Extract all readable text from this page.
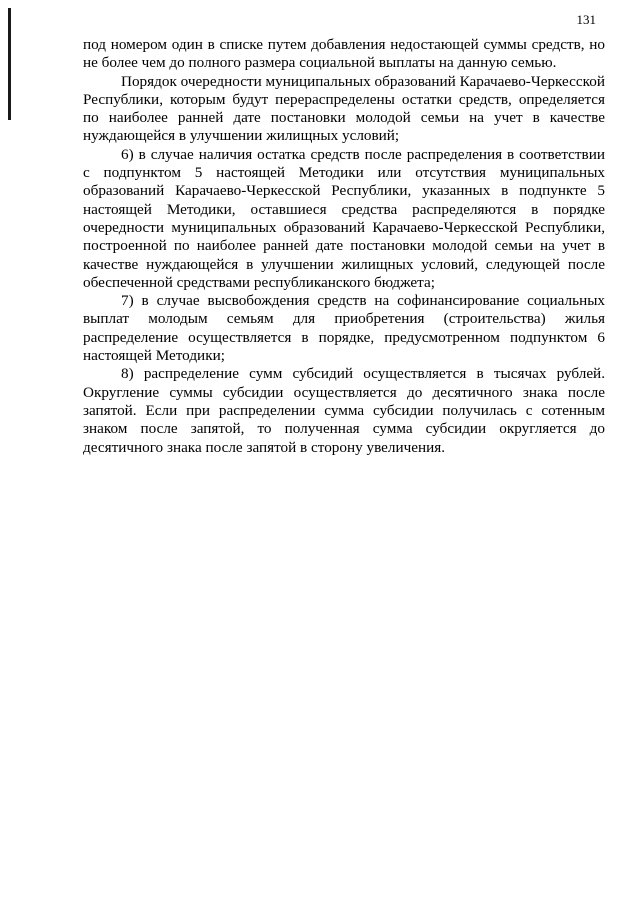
131

под номером один в списке путем добавления недостающей суммы средств, но не более чем до полного размера социальной выплаты на данную семью.

Порядок очередности муниципальных образований Карачаево-Черкесской Республики, которым будут перераспределены остатки средств, определяется по наиболее ранней дате постановки молодой семьи на учет в качестве нуждающейся в улучшении жилищных условий;

6) в случае наличия остатка средств после распределения в соответствии с подпунктом 5 настоящей Методики или отсутствия муниципальных образований Карачаево-Черкесской Республики, указанных в подпункте 5 настоящей Методики, оставшиеся средства распределяются в порядке очередности муниципальных образований Карачаево-Черкесской Республики, построенной по наиболее ранней дате постановки молодой семьи на учет в качестве нуждающейся в улучшении жилищных условий, следующей после обеспеченной средствами республиканского бюджета;

7) в случае высвобождения средств на софинансирование социальных выплат молодым семьям для приобретения (строительства) жилья распределение осуществляется в порядке, предусмотренном подпунктом 6 настоящей Методики;

8) распределение сумм субсидий осуществляется в тысячах рублей. Округление суммы субсидии осуществляется до десятичного знака после запятой. Если при распределении сумма субсидии получилась с сотенным знаком после запятой, то полученная сумма субсидии округляется до десятичного знака после запятой в сторону увеличения.
